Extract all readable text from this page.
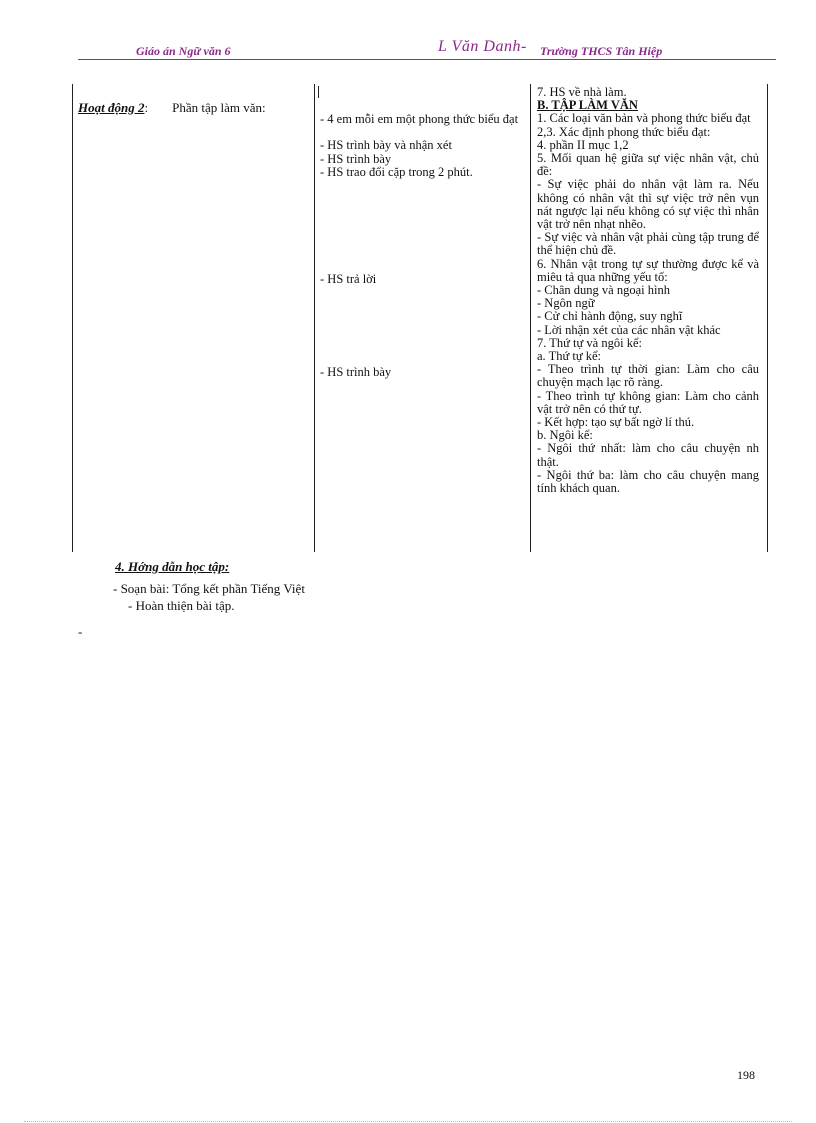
Giáo án Ngữ văn 6	L Văn Danh- Trường THCS Tân Hiệp
Hoạt động 2: Phần tập làm văn:
- 4 em mỗi em một phong thức biểu đạt
- HS trình bày và nhận xét
- HS trình bày
- HS trao đổi cặp trong 2 phút.
- HS trả lời
- HS trình bày

7. HS về nhà làm.

B. TẬP LÀM VĂN

1. Các loại văn bản và phong thức biểu đạt

2,3. Xác định phong thức biểu đạt:

4. phần II mục 1,2

5. Mối quan hệ giữa sự việc nhân vật, chủ đề:

- Sự việc phải do nhân vật làm ra. Nếu không có nhân vật thì sự việc trở nên vụn nát ngược lại nếu không có sự việc thì nhân vật trở nên nhạt nhẽo.

- Sự việc và nhân vật phải cùng tập trung để thể hiện chủ đề.

6. Nhân vật trong tự sự thường được kể và miêu tả qua những yếu tố:

- Chân dung và ngoại hình

- Ngôn ngữ

- Cử chỉ hành động, suy nghĩ

- Lời nhận xét của các nhân vật khác

7. Thứ tự và ngôi kể:

a. Thứ tự kể:

- Theo trình tự thời gian: Làm cho câu chuyện mạch lạc rõ ràng.

- Theo trình tự không gian: Làm cho cảnh vật trở nên có thứ tự.

- Kết hợp: tạo sự bất ngờ lí thú.

b. Ngôi kể:

- Ngôi thứ nhất: làm cho câu chuyện nh thật.

- Ngôi thứ ba: làm cho câu chuyện mang tính khách quan.

4. Hớng dẫn học tập:
- Soạn bài: Tổng kết phần Tiếng Việt
- Hoàn thiện bài tập.
-
198
